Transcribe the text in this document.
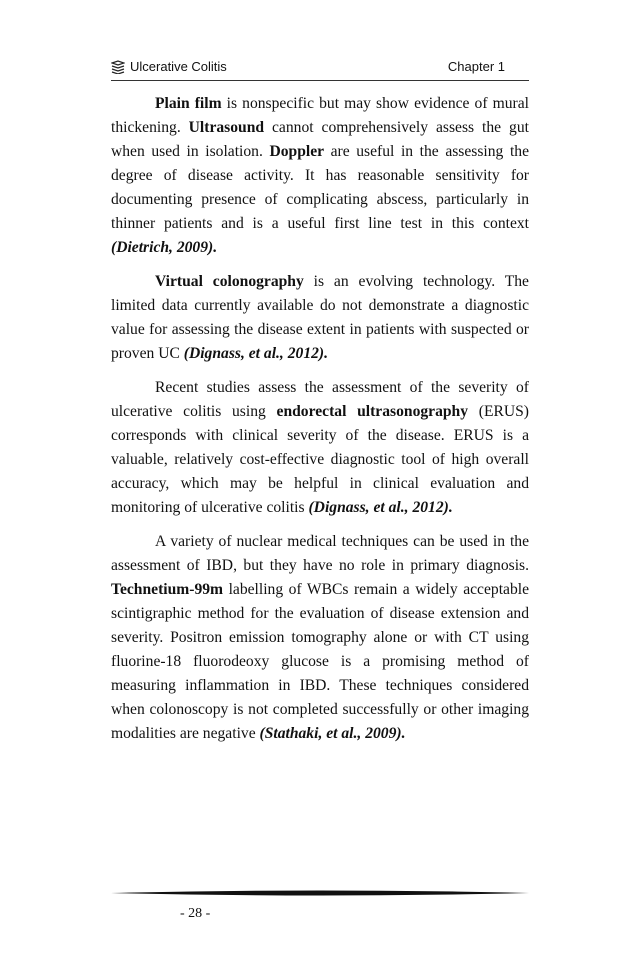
Ulcerative Colitis	Chapter 1

Plain film is nonspecific but may show evidence of mural thickening. Ultrasound cannot comprehensively assess the gut when used in isolation. Doppler are useful in the assessing the degree of disease activity. It has reasonable sensitivity for documenting presence of complicating abscess, particularly in thinner patients and is a useful first line test in this context (Dietrich, 2009).

Virtual colonography is an evolving technology. The limited data currently available do not demonstrate a diagnostic value for assessing the disease extent in patients with suspected or proven UC (Dignass, et al., 2012).

Recent studies assess the assessment of the severity of ulcerative colitis using endorectal ultrasonography (ERUS) corresponds with clinical severity of the disease. ERUS is a valuable, relatively cost-effective diagnostic tool of high overall accuracy, which may be helpful in clinical evaluation and monitoring of ulcerative colitis (Dignass, et al., 2012).

A variety of nuclear medical techniques can be used in the assessment of IBD, but they have no role in primary diagnosis. Technetium-99m labelling of WBCs remain a widely acceptable scintigraphic method for the evaluation of disease extension and severity. Positron emission tomography alone or with CT using fluorine-18 fluorodeoxy glucose is a promising method of measuring inflammation in IBD. These techniques considered when colonoscopy is not completed successfully or other imaging modalities are negative (Stathaki, et al., 2009).

- 28 -
